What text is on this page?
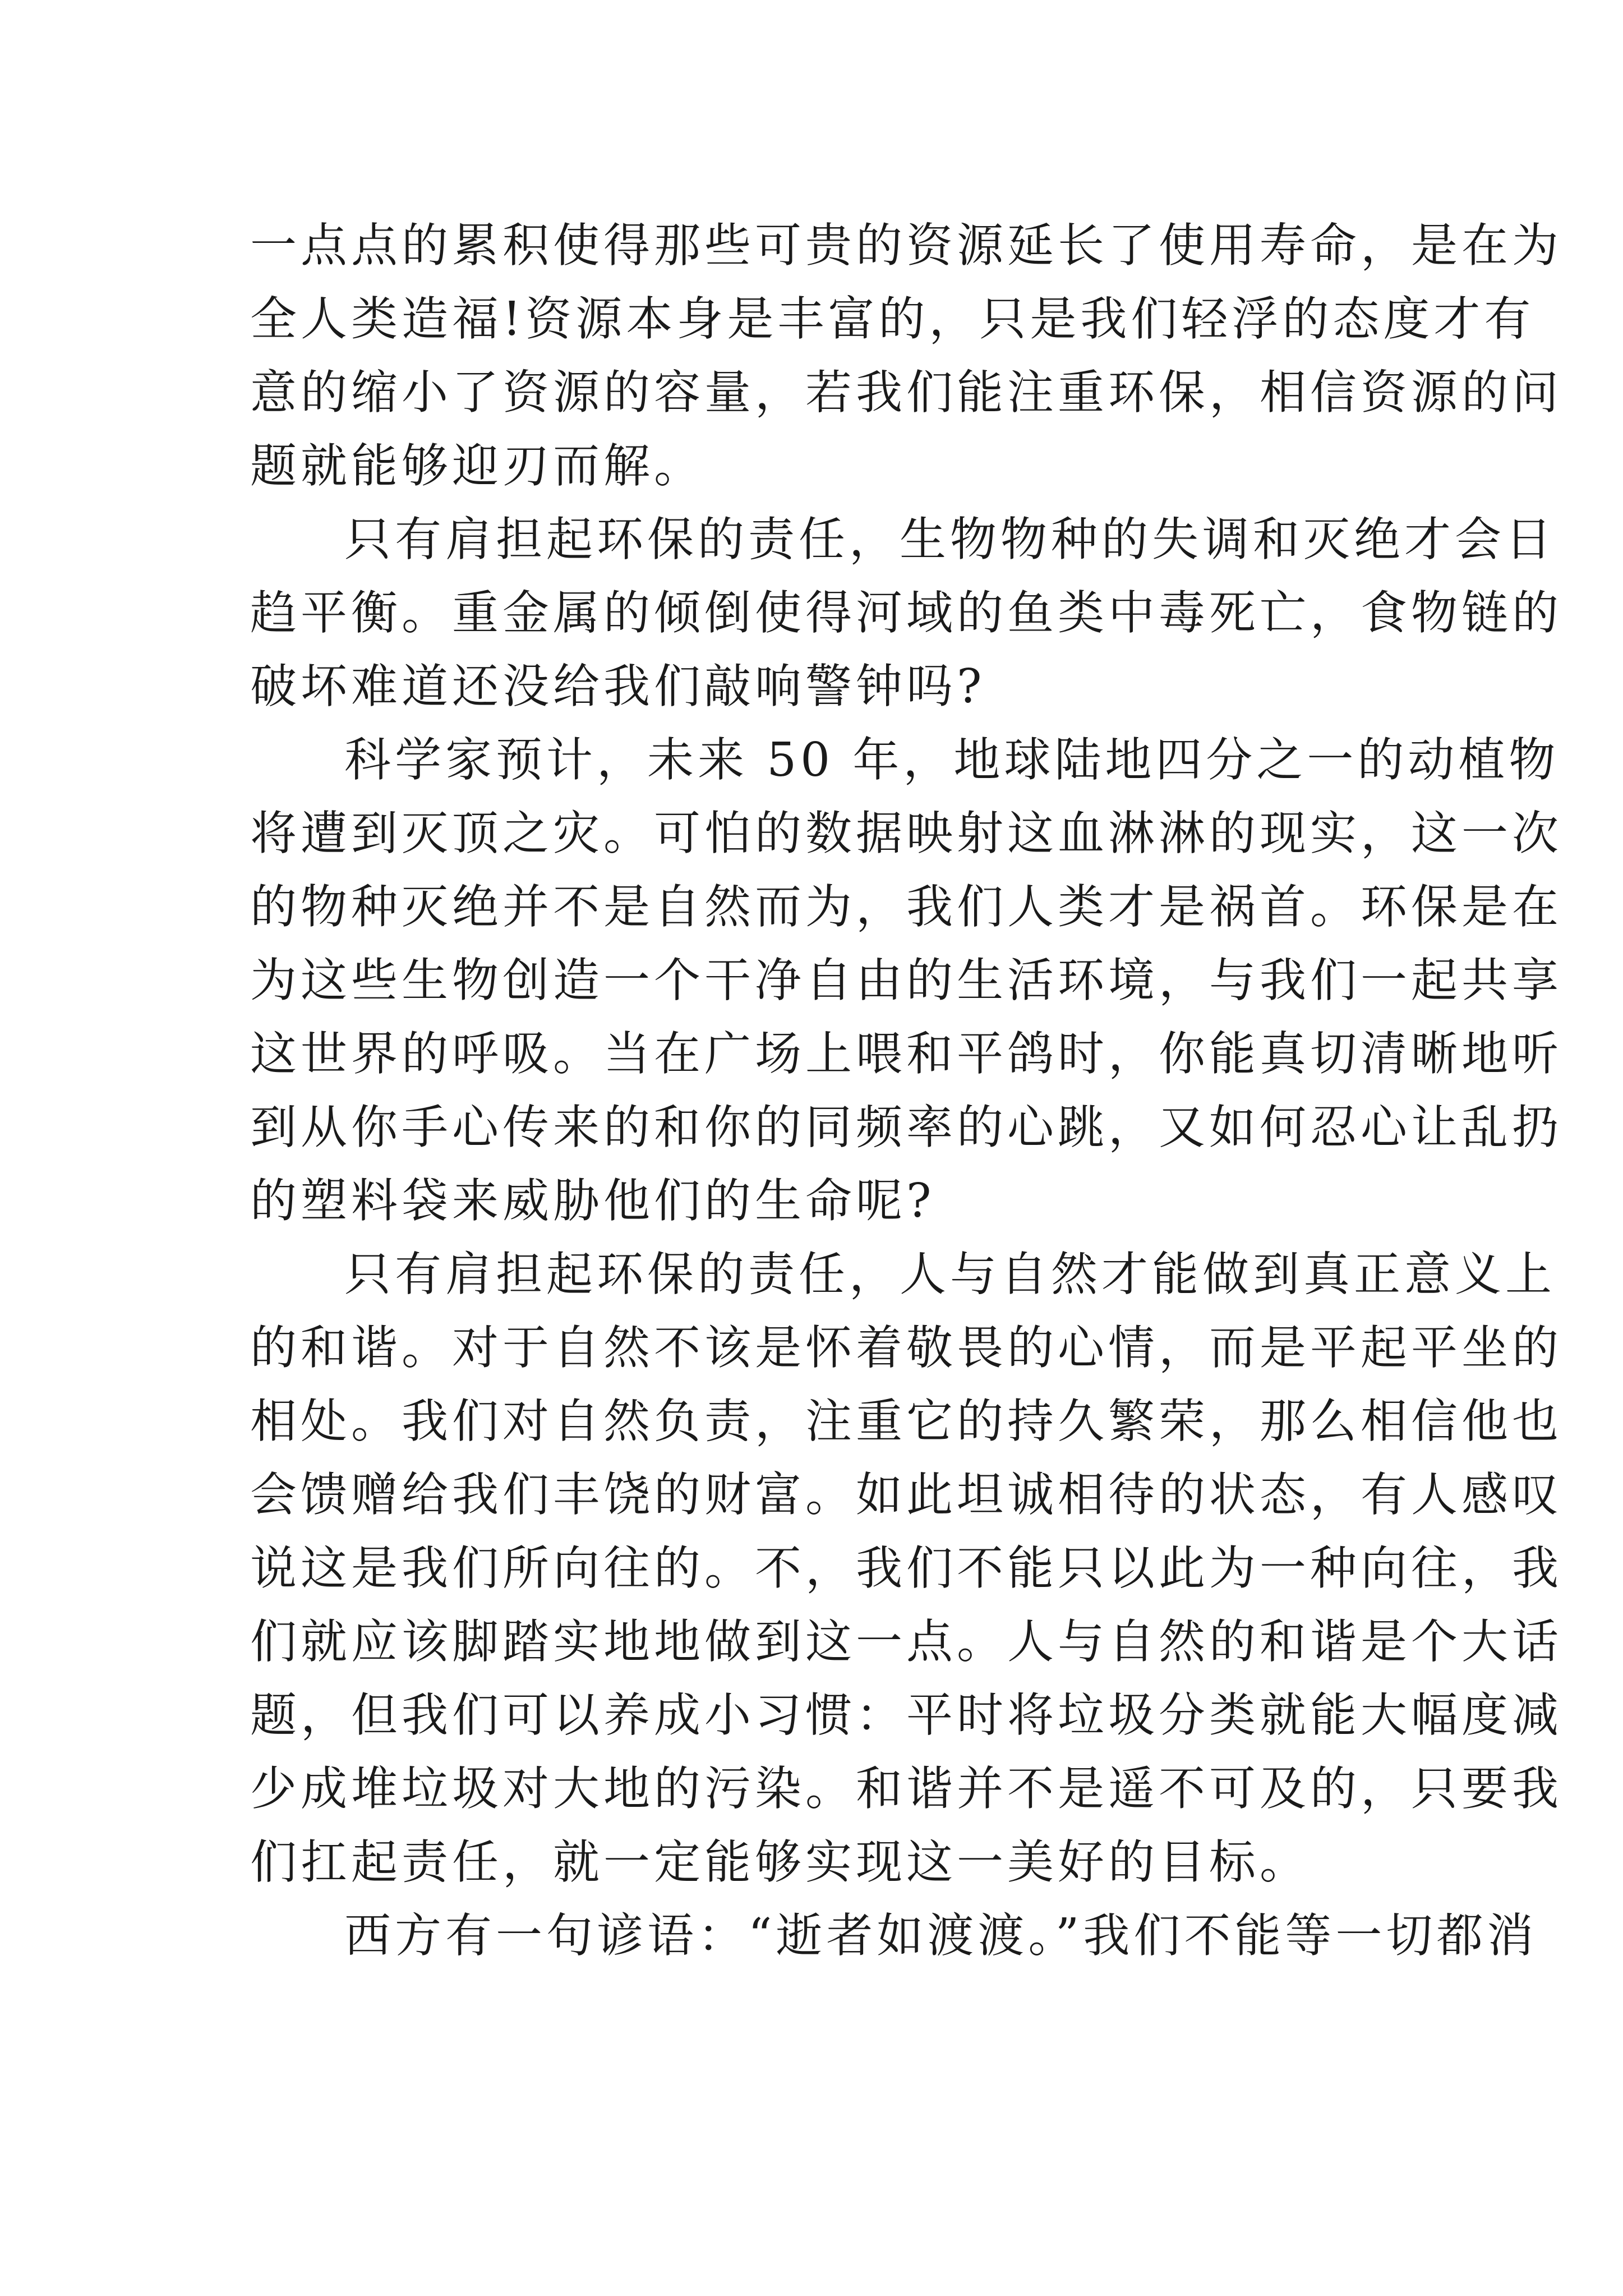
一点点的累积使得那些可贵的资源延长了使用寿命，是在为
全人类造福!资源本身是丰富的，只是我们轻浮的态度才有
意的缩小了资源的容量，若我们能注重环保，相信资源的问
题就能够迎刃而解。
只有肩担起环保的责任，生物物种的失调和灭绝才会日
趋平衡。重金属的倾倒使得河域的鱼类中毒死亡，食物链的
破坏难道还没给我们敲响警钟吗?
科学家预计，未来 50 年，地球陆地四分之一的动植物
将遭到灭顶之灾。可怕的数据映射这血淋淋的现实，这一次
的物种灭绝并不是自然而为，我们人类才是祸首。环保是在
为这些生物创造一个干净自由的生活环境，与我们一起共享
这世界的呼吸。当在广场上喂和平鸽时，你能真切清晰地听
到从你手心传来的和你的同频率的心跳，又如何忍心让乱扔
的塑料袋来威胁他们的生命呢?
只有肩担起环保的责任，人与自然才能做到真正意义上
的和谐。对于自然不该是怀着敬畏的心情，而是平起平坐的
相处。我们对自然负责，注重它的持久繁荣，那么相信他也
会馈赠给我们丰饶的财富。如此坦诚相待的状态，有人感叹
说这是我们所向往的。不，我们不能只以此为一种向往，我
们就应该脚踏实地地做到这一点。人与自然的和谐是个大话
题，但我们可以养成小习惯：平时将垃圾分类就能大幅度减
少成堆垃圾对大地的污染。和谐并不是遥不可及的，只要我
们扛起责任，就一定能够实现这一美好的目标。
西方有一句谚语：“逝者如渡渡。”我们不能等一切都消
